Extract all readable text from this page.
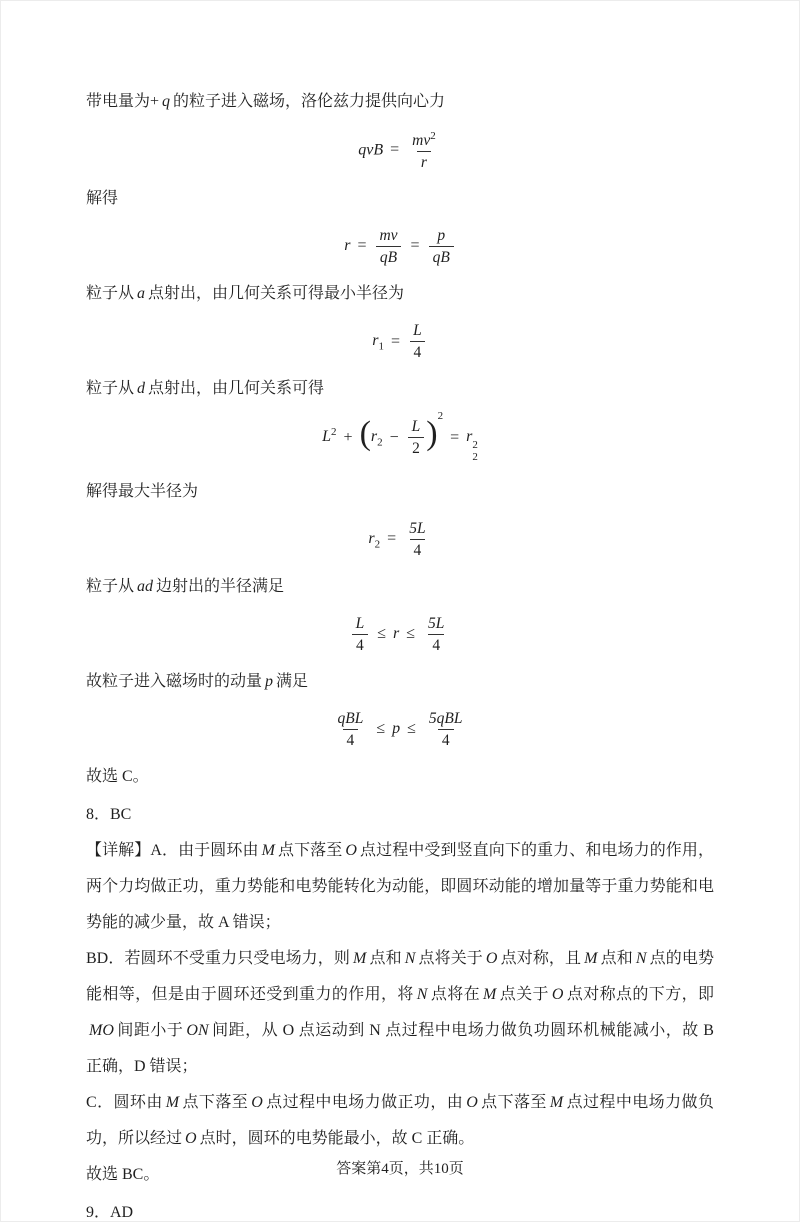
带电量为+ q 的粒子进入磁场，洛伦兹力提供向心力

qvB = $\frac{mv^2}{r}$

解得

$r = \frac{mv}{qB} = \frac{p}{qB}$

粒子从 a 点射出，由几何关系可得最小半径为

$r_1 = \frac{L}{4}$

粒子从 d 点射出，由几何关系可得

$L^2 + (r_2 - \frac{L}{2} )^2= r$ 2
2

解得最大半径为

$r_2 = \frac{5L}{4}$

粒子从 ad 边射出的半径满足

$\frac{L}{4} \le r \le \frac{5L}{4}$

故粒子进入磁场时的动量 p 满足

$\frac{\text{qBL}}{4} \le p \le \frac{\text{5qBL}}{4}$

故选 C。

8．BC

【详解】A．由于圆环由 M 点下落至 O 点过程中受到竖直向下的重力、和电场力的作用，两个力均做正功，重力势能和电势能转化为动能，即圆环动能的增加量等于重力势能和电势能的减少量，故 A 错误；

BD．若圆环不受重力只受电场力，则 M 点和 N 点将关于 O 点对称，且 M 点和 N 点的电势能相等，但是由于圆环还受到重力的作用，将 N 点将在 M 点关于 O 点对称点的下方，即MO 间距小于 ON 间距，从 O 点运动到 N 点过程中电场力做负功圆环机械能减小，故 B 正确，D 错误；

C．圆环由 M 点下落至 O 点过程中电场力做正功，由 O 点下落至 M 点过程中电场力做负功，所以经过 O 点时，圆环的电势能最小，故 C 正确。

故选 BC。

9．AD

答案第4页，共10页
